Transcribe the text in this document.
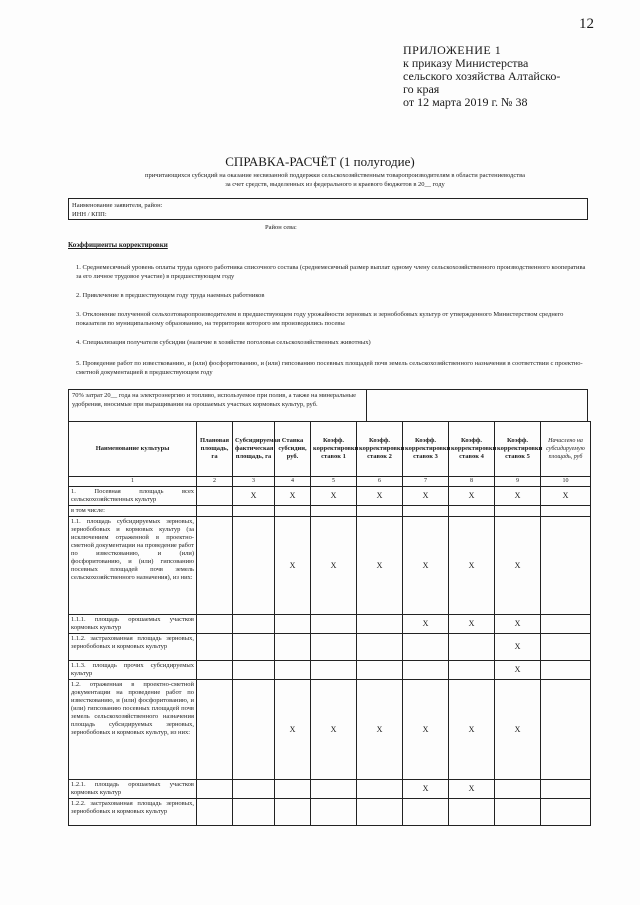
12
ПРИЛОЖЕНИЕ 1
к приказу Министерства
сельского хозяйства Алтайско-
го края
от 12 марта 2019 г. № 38
СПРАВКА-РАСЧЁТ (1 полугодие)
причитающихся субсидий на оказание несвязанной поддержки сельскохозяйственным товаропроизводителям в области растениеводства
за счет средств, выделенных из федерального и краевого бюджетов в 20__ году
Наименование заявителя, район:
ИНН / КПП:
Район сева:
Коэффициенты корректировки
1. Среднемесячный уровень оплаты труда одного работника списочного состава (среднемесячный размер выплат одному члену сельскохозяйственного производственного кооператива за его личное трудовое участие) в предшествующем году
2. Привлечение в предшествующем году труда наемных работников
3. Отклонение полученной сельхозтоваропроизводителем в предшествующем году урожайности зерновых и зернобобовых культур от утвержденного Министерством среднего показателя по муниципальному образованию, на территории которого им производились посевы
4. Специализация получателя субсидии (наличие в хозяйстве поголовья сельскохозяйственных животных)
5. Проведение работ по известкованию, и (или) фосфоритованию, и (или) гипсованию посевных площадей почв земель сельскохозяйственного назначения в соответствии с проектно-сметной документацией в предшествующем году
70% затрат 20__ года на электроэнергию и топливо, используемое при полив, а также на минеральные удобрения, вносимые при выращивании на орошаемых участках кормовых культур, руб.
Наименование культуры	Плановая площадь, га	Субсидируемая фактическая площадь, га	Ставка субсидии, руб.	Коэфф. корректировки ставок 1	Коэфф. корректировки ставок 2	Коэфф. корректировки ставок 3	Коэфф. корректировки ставок 4	Коэфф. корректировки ставок 5	Начислено на субсидируемую площадь, руб
1	2	3	4	5	6	7	8	9	10
1. Посевная площадь всех сельскохозяйственных культур		X	X	X	X	X	X	X	X
в том числе:									
1.1. площадь субсидируемых зерновых, зернобобовых и кормовых культур (за исключением отраженной в проектно-сметной документации на проведение работ по известкованию, и (или) фосфоритованию, и (или) гипсованию посевных площадей почв земель сельскохозяйственного назначения), из них:			X	X	X	X	X	X	
1.1.1. площадь орошаемых участков кормовых культур						X	X	X	
1.1.2. застрахованная площадь зерновых, зернобобовых и кормовых культур								X	
1.1.3. площадь прочих субсидируемых культур								X	
1.2. отраженная в проектно-сметной документации на проведение работ по известкованию, и (или) фосфоритованию, и (или) гипсованию посевных площадей почв земель сельскохозяйственного назначения площадь субсидируемых зерновых, зернобобовых и кормовых культур, из них:			X	X	X	X	X	X	
1.2.1. площадь орошаемых участков кормовых культур						X	X		
1.2.2. застрахованная площадь зерновых, зернобобовых и кормовых культур									
